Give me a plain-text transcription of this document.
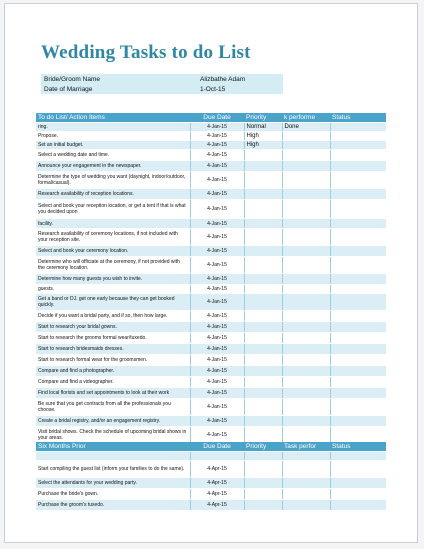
Wedding Tasks to do List
Bride/Groom Name	Alizbathe Adam
Date of Marriage	1-Oct-15

To do List/ Action Items	Due Date	Priority	k performe	Status
ring.	4-Jan-15	Normal	Done	
Propose.	4-Jan-15	High		
Set an initial budget.	4-Jan-15	High		
Select a wedding date and time.	4-Jan-15			
Announce your engagement in the newspaper.	4-Jan-15			
Determine the type of wedding you want (daynight, indoor/outdoor, formal/casual).	4-Jan-15			
Research availability of reception locations.	4-Jan-15			
Select and book your reception location, or get a tent if that is what you decided upon	4-Jan-15			
facility.	4-Jan-15			
Research availability of ceremony locations, if not included with your reception site.	4-Jan-15			
Select and book your ceremony location.	4-Jan-15			
Determine who will officiate at the ceremony, if not provided with the ceremony location.	4-Jan-15			
Determine how many guests you wish to invite.	4-Jan-15			
guests.	4-Jan-15			
Get a band or DJ. get one early because they can get booked quickly.	4-Jan-15			
Decide if you want a bridal party, and if so, then how large.	4-Jan-15			
Start to research your bridal gowns.	4-Jan-15			
Start to research the grooms formal wear/tuxedo.	4-Jan-15			
Start to research bridesmaids dresses.	4-Jan-15			
Start to research formal wear for the groomsmen.	4-Jan-15			
Compare and find a photographer.	4-Jan-15			
Compare and find a videographer.	4-Jan-15			
Find local florists and set appointments to look at their work	4-Jan-15			
Be sure that you get contracts from all the professionals you choose.	4-Jan-15			
Create a bridal registry, and/or an engagement registry.	4-Jan-15			
Visit bridal shows. Check the schedule of upcoming bridal shows in your areas.	4-Jan-15			
Six Months Prior	Due Date	Priority	Task perfor	Status

Start compiling the guest list (inform your families to do the same).	4-Apr-15			
Select the attendants for your wedding party.	4-Apr-15			
Purchase the bride's gown.	4-Apr-15			
Purchase the groom's tuxedo.	4-Apr-15			
